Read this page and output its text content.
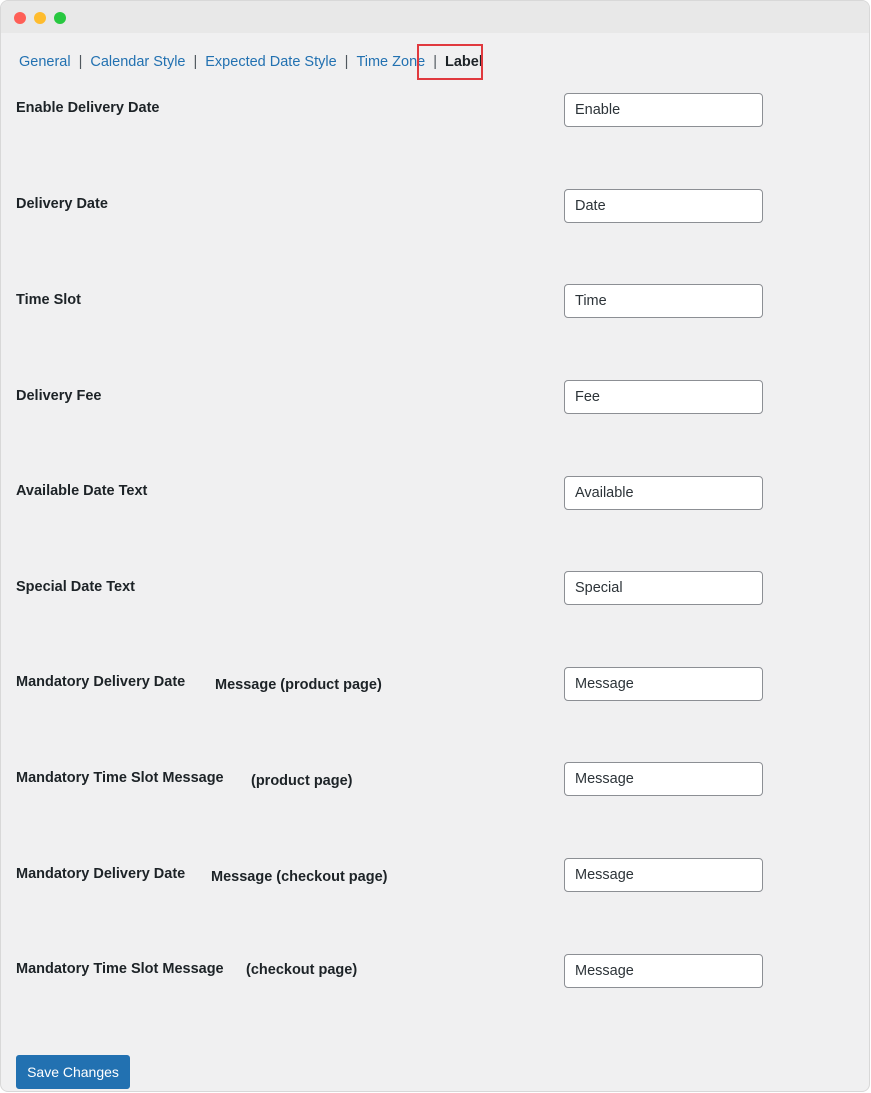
General | Calendar Style | Expected Date Style | Time Zone | Label
Enable Delivery Date
Enable
Delivery Date
Date
Time Slot
Time
Delivery Fee
Fee
Available Date Text
Available
Special Date Text
Special
Mandatory Delivery Date Message (product page)
Message
Mandatory Time Slot Message (product page)
Message
Mandatory Delivery Date Message (checkout page)
Message
Mandatory Time Slot Message	(checkout page)
Message
Save Changes
